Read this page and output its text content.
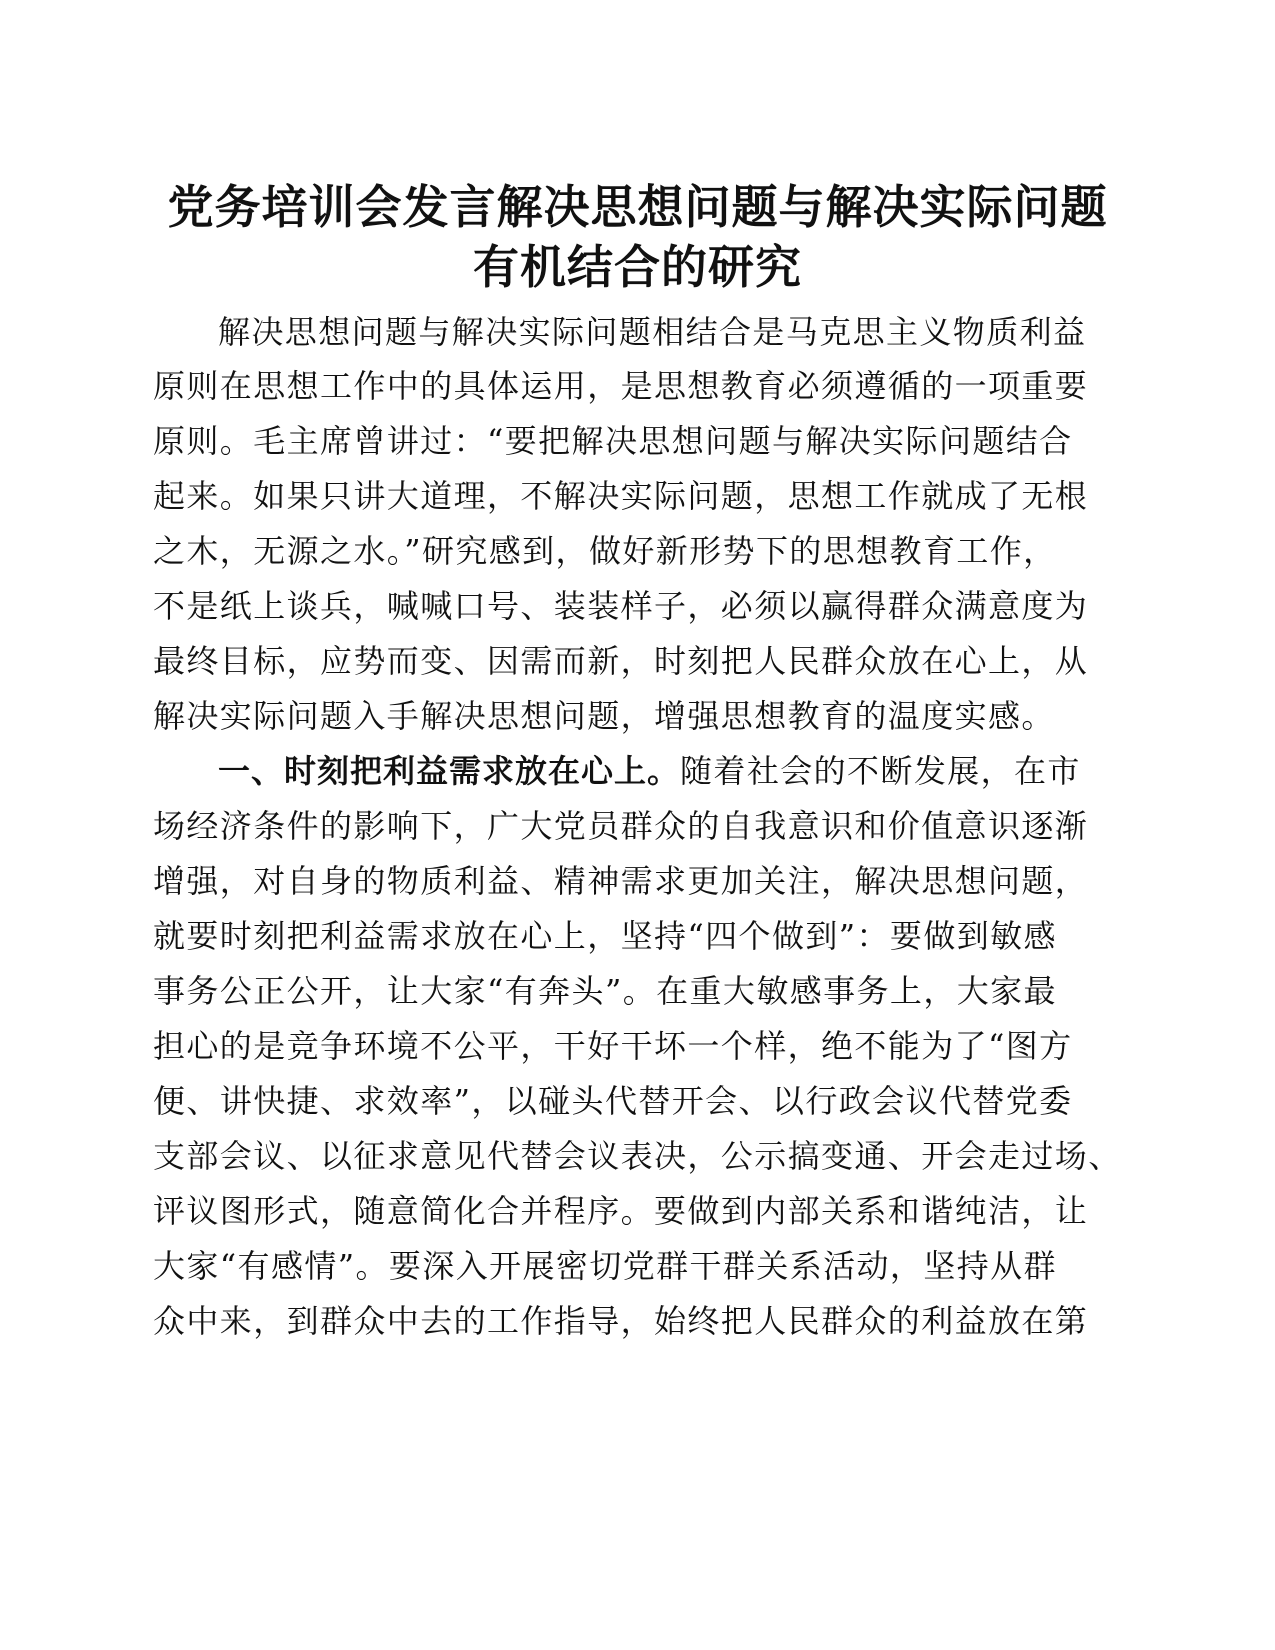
党务培训会发言解决思想问题与解决实际问题
有机结合的研究

解决思想问题与解决实际问题相结合是马克思主义物质利益

原则在思想工作中的具体运用，是思想教育必须遵循的一项重要

原则。毛主席曾讲过：“要把解决思想问题与解决实际问题结合

起来。如果只讲大道理，不解决实际问题，思想工作就成了无根

之木，无源之水。”研究感到，做好新形势下的思想教育工作，

不是纸上谈兵，喊喊口号、装装样子，必须以赢得群众满意度为

最终目标，应势而变、因需而新，时刻把人民群众放在心上，从

解决实际问题入手解决思想问题，增强思想教育的温度实感。

一、时刻把利益需求放在心上。随着社会的不断发展，在市

场经济条件的影响下，广大党员群众的自我意识和价值意识逐渐

增强，对自身的物质利益、精神需求更加关注，解决思想问题，

就要时刻把利益需求放在心上，坚持“四个做到”：要做到敏感

事务公正公开，让大家“有奔头”。在重大敏感事务上，大家最

担心的是竞争环境不公平，干好干坏一个样，绝不能为了“图方

便、讲快捷、求效率”，以碰头代替开会、以行政会议代替党委

支部会议、以征求意见代替会议表决，公示搞变通、开会走过场、

评议图形式，随意简化合并程序。要做到内部关系和谐纯洁，让

大家“有感情”。要深入开展密切党群干群关系活动，坚持从群

众中来，到群众中去的工作指导，始终把人民群众的利益放在第
